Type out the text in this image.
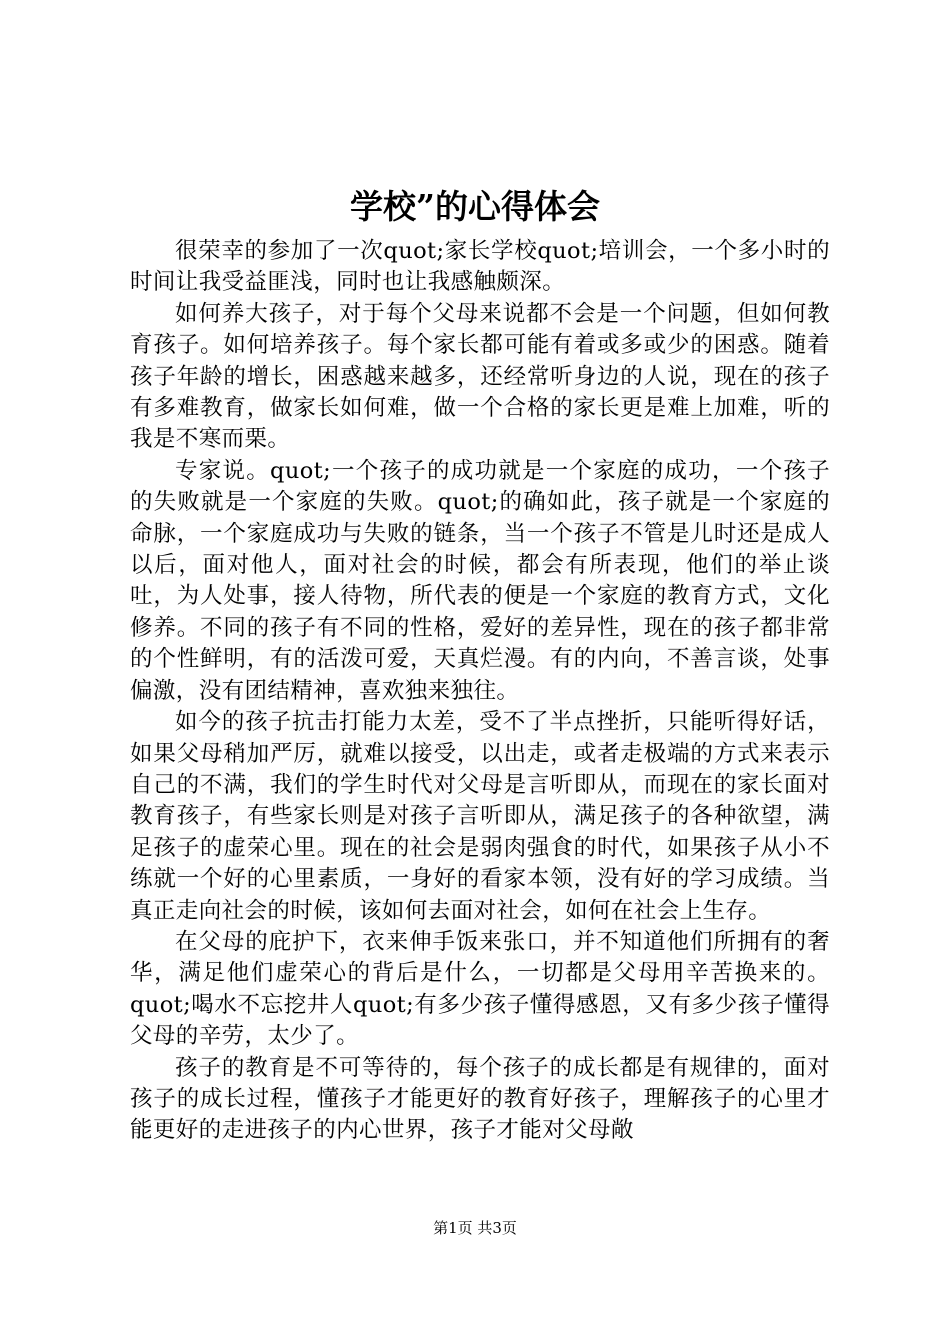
学校”的心得体会

很荣幸的参加了一次quot;家长学校quot;培训会，一个多小时的时间让我受益匪浅，同时也让我感触颇深。

如何养大孩子，对于每个父母来说都不会是一个问题，但如何教育孩子。如何培养孩子。每个家长都可能有着或多或少的困惑。随着孩子年龄的增长，困惑越来越多，还经常听身边的人说，现在的孩子有多难教育，做家长如何难，做一个合格的家长更是难上加难，听的我是不寒而栗。

专家说。quot;一个孩子的成功就是一个家庭的成功，一个孩子的失败就是一个家庭的失败。quot;的确如此，孩子就是一个家庭的命脉，一个家庭成功与失败的链条，当一个孩子不管是儿时还是成人以后，面对他人，面对社会的时候，都会有所表现，他们的举止谈吐，为人处事，接人待物，所代表的便是一个家庭的教育方式，文化修养。不同的孩子有不同的性格，爱好的差异性，现在的孩子都非常的个性鲜明，有的活泼可爱，天真烂漫。有的内向，不善言谈，处事偏激，没有团结精神，喜欢独来独往。

如今的孩子抗击打能力太差，受不了半点挫折，只能听得好话，如果父母稍加严厉，就难以接受，以出走，或者走极端的方式来表示自己的不满，我们的学生时代对父母是言听即从，而现在的家长面对教育孩子，有些家长则是对孩子言听即从，满足孩子的各种欲望，满足孩子的虚荣心里。现在的社会是弱肉强食的时代，如果孩子从小不练就一个好的心里素质，一身好的看家本领，没有好的学习成绩。当真正走向社会的时候，该如何去面对社会，如何在社会上生存。

在父母的庇护下，衣来伸手饭来张口，并不知道他们所拥有的奢华，满足他们虚荣心的背后是什么，一切都是父母用辛苦换来的。quot;喝水不忘挖井人quot;有多少孩子懂得感恩，又有多少孩子懂得父母的辛劳，太少了。

孩子的教育是不可等待的，每个孩子的成长都是有规律的，面对孩子的成长过程，懂孩子才能更好的教育好孩子，理解孩子的心里才能更好的走进孩子的内心世界，孩子才能对父母敞

第1页 共3页
